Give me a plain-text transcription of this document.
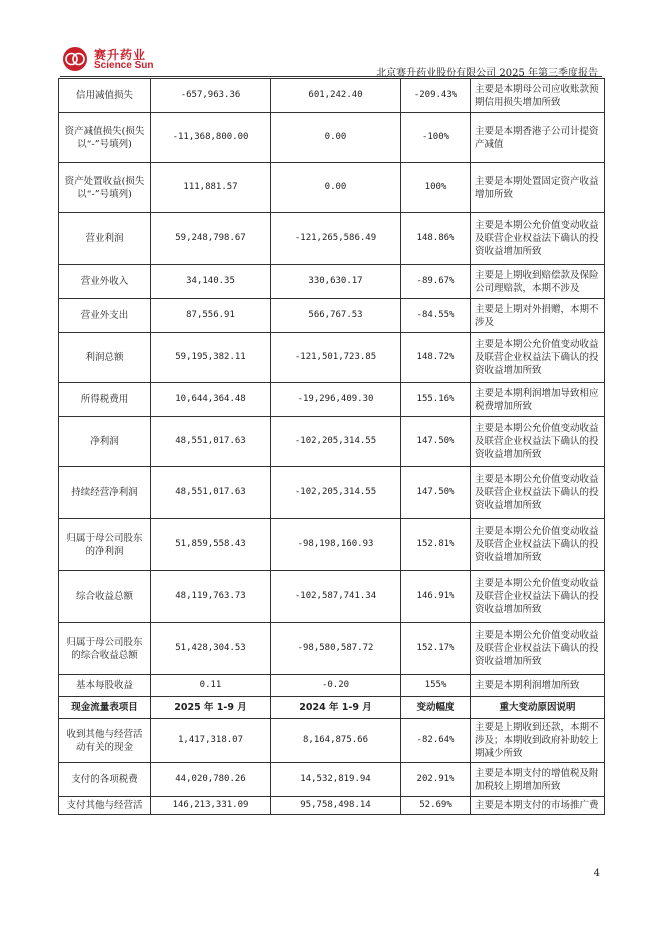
赛升药业
Science Sun
北京赛升药业股份有限公司 2025 年第三季度报告
信用减值损失	-657,963.36	601,242.40	-209.43%	主要是本期母公司应收账款预期信用损失增加所致
资产减值损失(损失以“-”号填列)	-11,368,800.00	0.00	-100%	主要是本期香港子公司计提资产减值
资产处置收益(损失以“-”号填列)	111,881.57	0.00	100%	主要是本期处置固定资产收益增加所致
营业利润	59,248,798.67	-121,265,586.49	148.86%	主要是本期公允价值变动收益及联营企业权益法下确认的投资收益增加所致
营业外收入	34,140.35	330,630.17	-89.67%	主要是上期收到赔偿款及保险公司理赔款，本期不涉及
营业外支出	87,556.91	566,767.53	-84.55%	主要是上期对外捐赠，本期不涉及
利润总额	59,195,382.11	-121,501,723.85	148.72%	主要是本期公允价值变动收益及联营企业权益法下确认的投资收益增加所致
所得税费用	10,644,364.48	-19,296,409.30	155.16%	主要是本期利润增加导致相应税费增加所致
净利润	48,551,017.63	-102,205,314.55	147.50%	主要是本期公允价值变动收益及联营企业权益法下确认的投资收益增加所致
持续经营净利润	48,551,017.63	-102,205,314.55	147.50%	主要是本期公允价值变动收益及联营企业权益法下确认的投资收益增加所致
归属于母公司股东的净利润	51,859,558.43	-98,198,160.93	152.81%	主要是本期公允价值变动收益及联营企业权益法下确认的投资收益增加所致
综合收益总额	48,119,763.73	-102,587,741.34	146.91%	主要是本期公允价值变动收益及联营企业权益法下确认的投资收益增加所致
归属于母公司股东的综合收益总额	51,428,304.53	-98,580,587.72	152.17%	主要是本期公允价值变动收益及联营企业权益法下确认的投资收益增加所致
基本每股收益	0.11	-0.20	155%	主要是本期利润增加所致
现金流量表项目	2025 年 1-9 月	2024 年 1-9 月	变动幅度	重大变动原因说明
收到其他与经营活动有关的现金	1,417,318.07	8,164,875.66	-82.64%	主要是上期收到还款，本期不涉及；本期收到政府补助较上期减少所致
支付的各项税费	44,020,780.26	14,532,819.94	202.91%	主要是本期支付的增值税及附加税较上期增加所致
支付其他与经营活	146,213,331.09	95,758,498.14	52.69%	主要是本期支付的市场推广费
4
